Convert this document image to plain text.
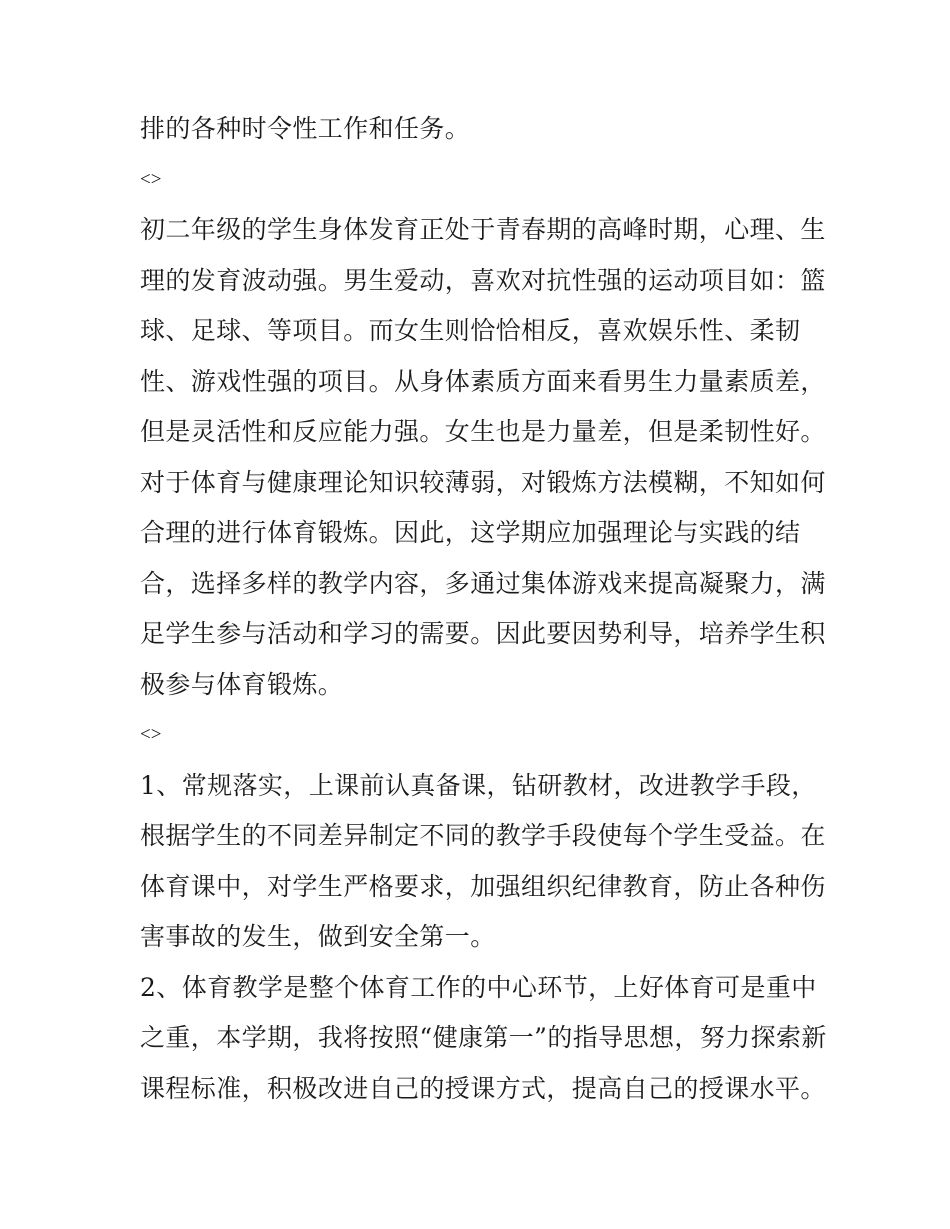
排的各种时令性工作和任务。
<>
初二年级的学生身体发育正处于青春期的高峰时期，心理、生
理的发育波动强。男生爱动，喜欢对抗性强的运动项目如：篮
球、足球、等项目。而女生则恰恰相反，喜欢娱乐性、柔韧
性、游戏性强的项目。从身体素质方面来看男生力量素质差，
但是灵活性和反应能力强。女生也是力量差，但是柔韧性好。
对于体育与健康理论知识较薄弱，对锻炼方法模糊，不知如何
合理的进行体育锻炼。因此，这学期应加强理论与实践的结
合，选择多样的教学内容，多通过集体游戏来提高凝聚力，满
足学生参与活动和学习的需要。因此要因势利导，培养学生积
极参与体育锻炼。
<>
1、常规落实，上课前认真备课，钻研教材，改进教学手段，
根据学生的不同差异制定不同的教学手段使每个学生受益。在
体育课中，对学生严格要求，加强组织纪律教育，防止各种伤
害事故的发生，做到安全第一。
2、体育教学是整个体育工作的中心环节，上好体育可是重中
之重，本学期，我将按照“健康第一”的指导思想，努力探索新
课程标准，积极改进自己的授课方式，提高自己的授课水平。
